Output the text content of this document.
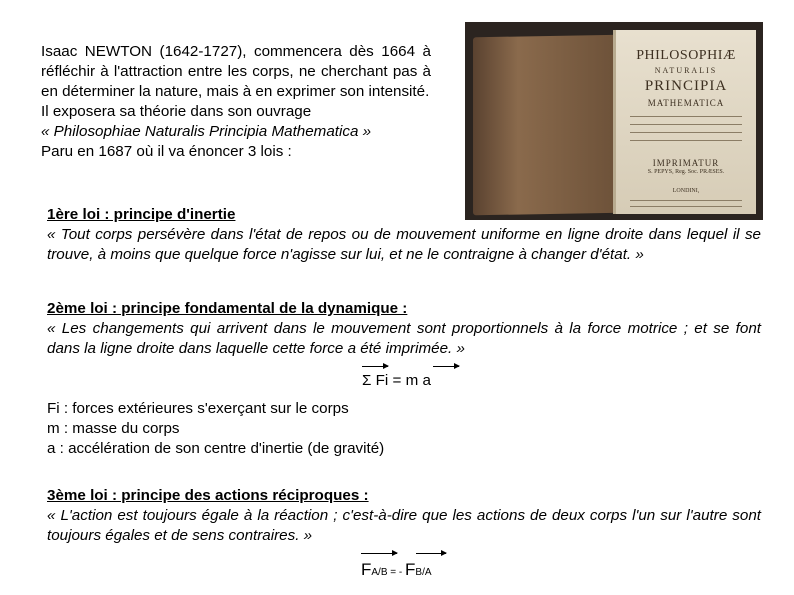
Isaac NEWTON (1642-1727), commencera dès 1664 à réfléchir à l'attraction entre les corps, ne cherchant pas à en déterminer la nature, mais à en exprimer son intensité.

Il exposera sa théorie dans son ouvrage

« Philosophiae Naturalis Principia Mathematica »

Paru en 1687 où il va énoncer 3 lois :

PHILOSOPHIÆ
NATURALIS
PRINCIPIA
MATHEMATICA
IMPRIMATUR
S. PEPYS, Reg. Soc. PRÆSES.
LONDINI,

1ère loi : principe d'inertie

« Tout corps persévère dans l'état de repos ou de mouvement uniforme en ligne droite dans lequel il se trouve, à moins que quelque force n'agisse sur lui, et ne le contraigne à changer d'état. »

2ème loi : principe fondamental de la dynamique :

« Les changements qui arrivent dans le mouvement sont proportionnels à la force motrice ; et se font dans la ligne droite dans laquelle cette force a été imprimée. »

Σ Fi = m a

Fi : forces extérieures s'exerçant sur le corps

m : masse du corps

a : accélération de son centre d'inertie (de gravité)

3ème loi : principe des actions réciproques :

« L'action est toujours égale à la réaction ; c'est-à-dire que les actions de deux corps l'un sur l'autre sont toujours égales et de sens contraires. »

FA/B = - FB/A
